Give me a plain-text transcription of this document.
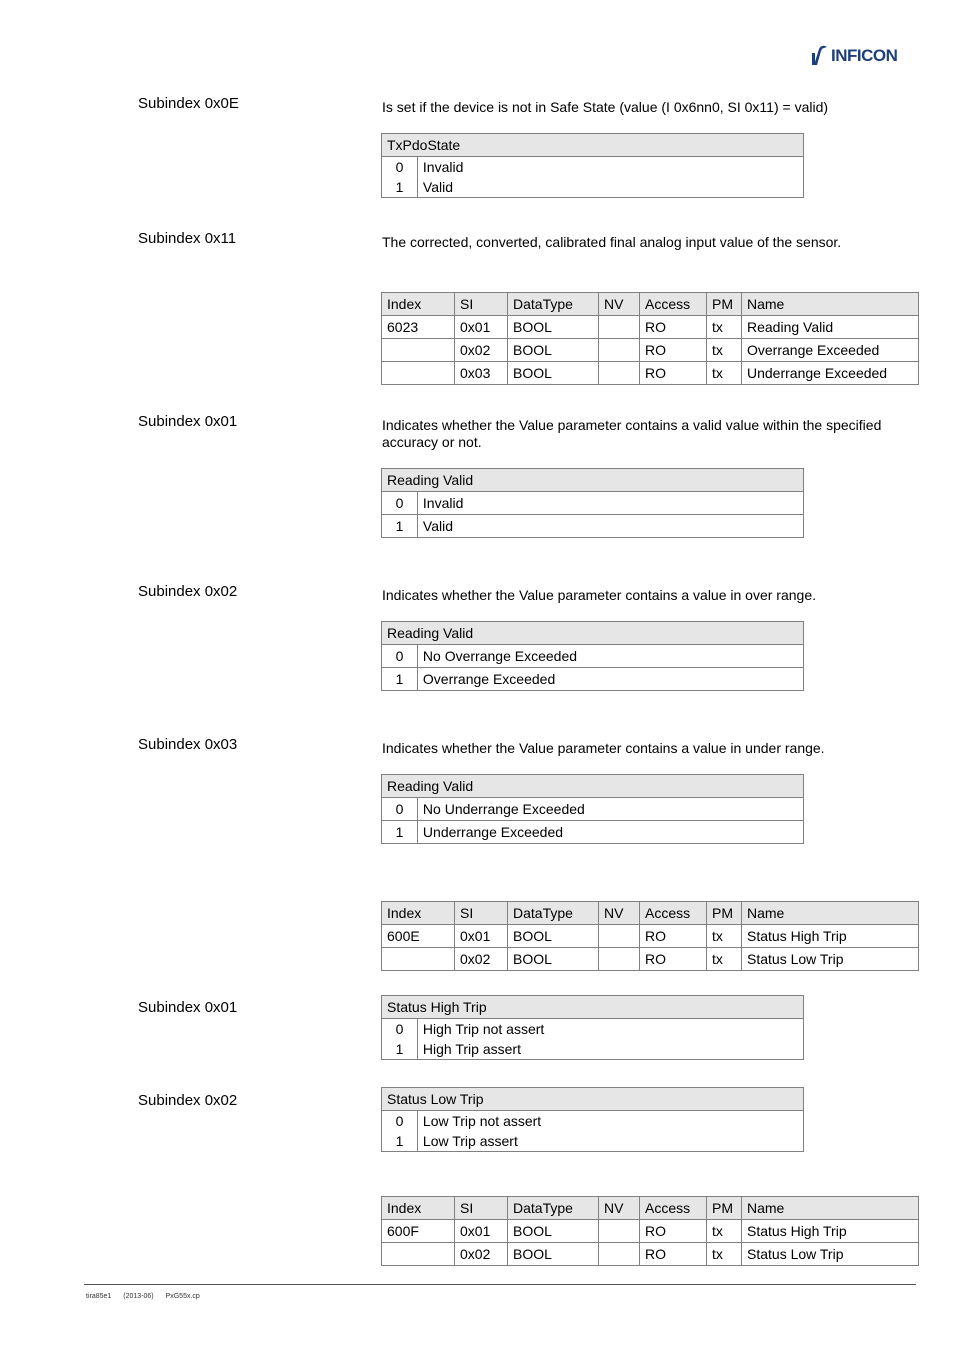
INFICON
Subindex 0x0E	Is set if the device is not in Safe State (value (I 0x6nn0, SI 0x11) = valid)
TxPdoState	
0	Invalid
1	Valid
Subindex 0x11	The corrected, converted, calibrated final analog input value of the sensor.
Index	SI	DataType	NV	Access	PM	Name
6023	0x01	BOOL		RO	tx	Reading Valid
	0x02	BOOL		RO	tx	Overrange Exceeded
	0x03	BOOL		RO	tx	Underrange Exceeded
Subindex 0x01	Indicates whether the Value parameter contains a valid value within the specified accuracy or not.
Reading Valid	
0	Invalid
1	Valid
Subindex 0x02	Indicates whether the Value parameter contains a value in over range.
Reading Valid	
0	No Overrange Exceeded
1	Overrange Exceeded
Subindex 0x03	Indicates whether the Value parameter contains a value in under range.
Reading Valid	
0	No Underrange Exceeded
1	Underrange Exceeded
Index	SI	DataType	NV	Access	PM	Name
600E	0x01	BOOL		RO	tx	Status High Trip
	0x02	BOOL		RO	tx	Status Low Trip
Subindex 0x01	Status High Trip	
0	High Trip not assert
1	High Trip assert
Subindex 0x02	Status Low Trip	
0	Low Trip not assert
1	Low Trip assert
Index	SI	DataType	NV	Access	PM	Name
600F	0x01	BOOL		RO	tx	Status High Trip
	0x02	BOOL		RO	tx	Status Low Trip
tira85e1 (2013-06) PxG55x.cp
